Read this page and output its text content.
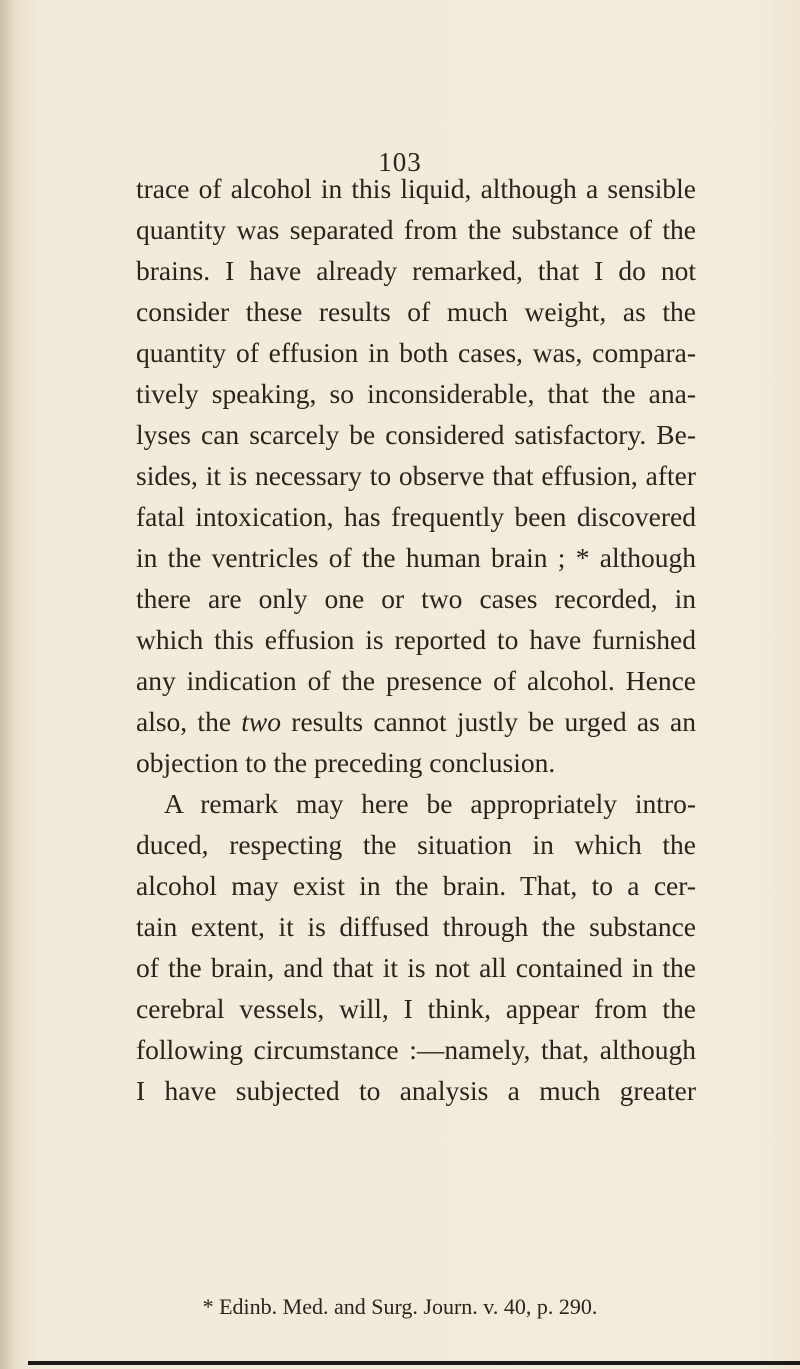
103
trace of alcohol in this liquid, although a sensible
quantity was separated from the substance of the
brains. I have already remarked, that I do not
consider these results of much weight, as the
quantity of effusion in both cases, was, compara-
tively speaking, so inconsiderable, that the ana-
lyses can scarcely be considered satisfactory. Be-
sides, it is necessary to observe that effusion, after
fatal intoxication, has frequently been discovered
in the ventricles of the human brain ; * although
there are only one or two cases recorded, in
which this effusion is reported to have furnished
any indication of the presence of alcohol. Hence
also, the two results cannot justly be urged as an
objection to the preceding conclusion.
A remark may here be appropriately intro-
duced, respecting the situation in which the
alcohol may exist in the brain. That, to a cer-
tain extent, it is diffused through the substance
of the brain, and that it is not all contained in the
cerebral vessels, will, I think, appear from the
following circumstance :—namely, that, although
I have subjected to analysis a much greater
* Edinb. Med. and Surg. Journ. v. 40, p. 290.
